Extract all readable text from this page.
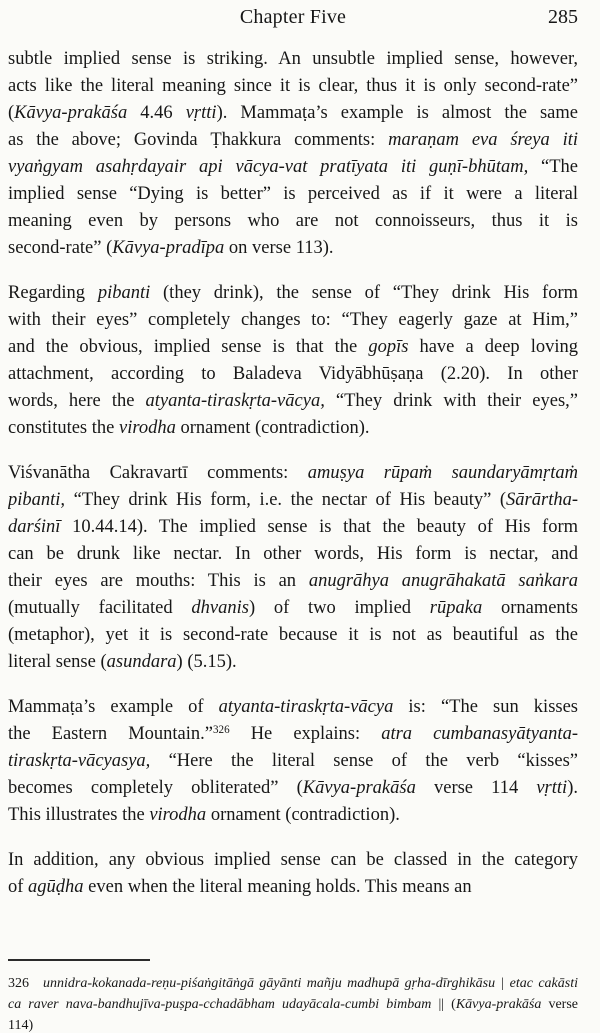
Chapter Five	285
subtle implied sense is striking. An unsubtle implied sense, however,
acts like the literal meaning since it is clear, thus it is only second-rate”
(Kāvya-prakāśa 4.46 vṛtti). Mammaṭa’s example is almost the same
as the above; Govinda Ṭhakkura comments: maraṇam eva śreya iti
vyaṅgyam asahṛdayair api vācya-vat pratīyata iti guṇī-bhūtam, “The
implied sense “Dying is better” is perceived as if it were a literal
meaning even by persons who are not connoisseurs, thus it is
second-rate” (Kāvya-pradīpa on verse 113).
Regarding pibanti (they drink), the sense of “They drink His form
with their eyes” completely changes to: “They eagerly gaze at Him,”
and the obvious, implied sense is that the gopīs have a deep loving
attachment, according to Baladeva Vidyābhūṣaṇa (2.20). In other
words, here the atyanta-tiraskṛta-vācya, “They drink with their eyes,”
constitutes the virodha ornament (contradiction).
Viśvanātha Cakravartī comments: amuṣya rūpaṁ saundaryāmṛtaṁ
pibanti, “They drink His form, i.e. the nectar of His beauty” (Sārārtha-
darśinī 10.44.14). The implied sense is that the beauty of His form
can be drunk like nectar. In other words, His form is nectar, and
their eyes are mouths: This is an anugrāhya anugrāhakatā saṅkara
(mutually facilitated dhvanis) of two implied rūpaka ornaments
(metaphor), yet it is second-rate because it is not as beautiful as the
literal sense (asundara) (5.15).
Mammaṭa’s example of atyanta-tiraskṛta-vācya is: “The sun kisses
the Eastern Mountain.”$^{326}$ He explains: atra cumbanasyātyanta-
tiraskṛta-vācyasya, “Here the literal sense of the verb “kisses”
becomes completely obliterated” (Kāvya-prakāśa verse 114 vṛtti).
This illustrates the virodha ornament (contradiction).
In addition, any obvious implied sense can be classed in the category
of agūḍha even when the literal meaning holds. This means an
326 unnidra-kokanada-reṇu-piśaṅgitāṅgā gāyānti mañju madhupā gṛha-dīrghikāsu | etac cakāsti
ca raver nava-bandhujīva-puṣpa-cchadābham udayācala-cumbi bimbam || (Kāvya-prakāśa verse
114)
